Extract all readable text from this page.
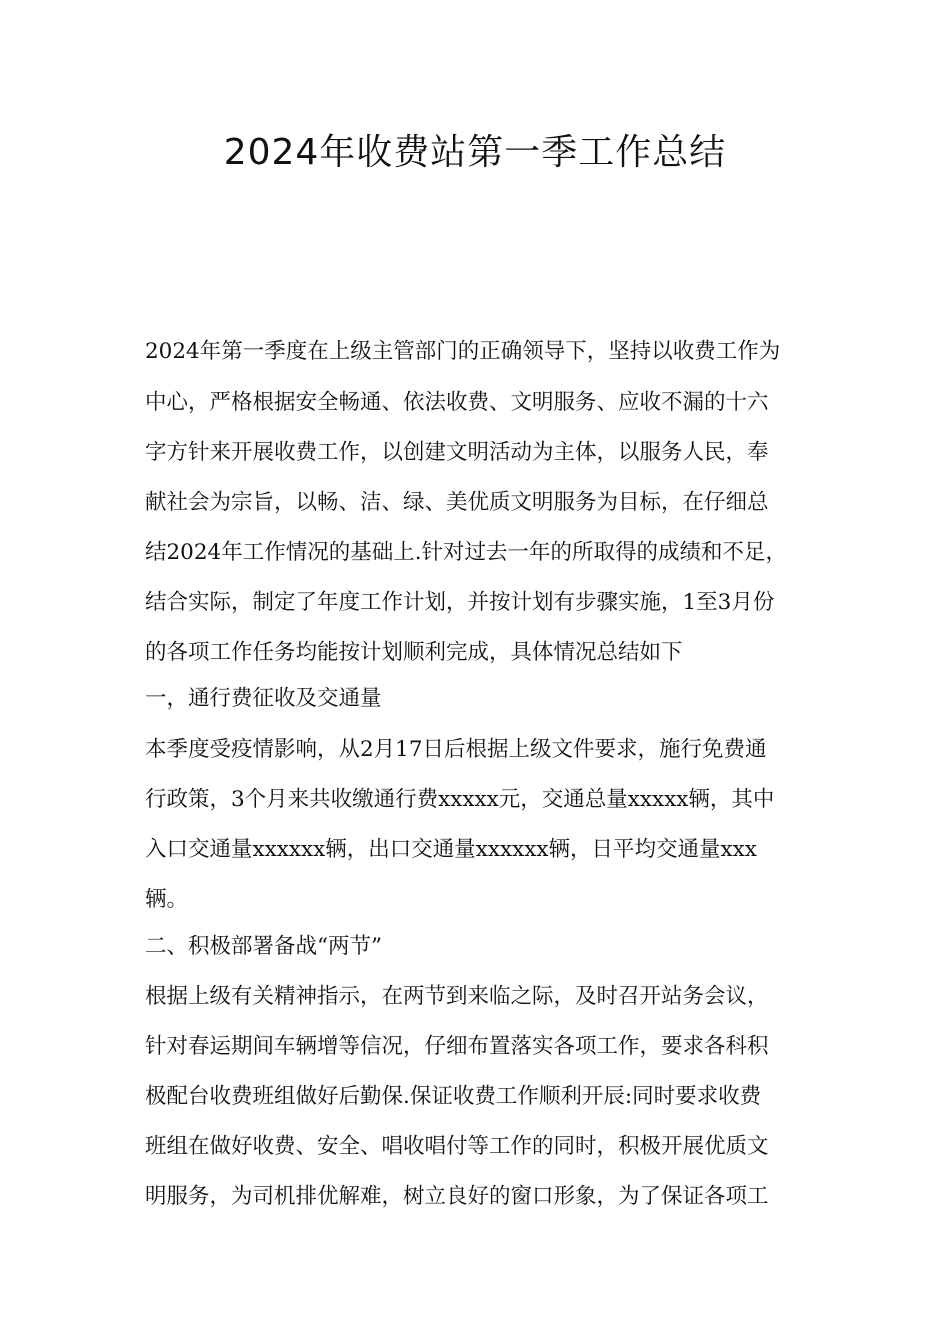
2024年收费站第一季工作总结

2024年第一季度在上级主管部门的正确领导下，坚持以收费工作为

中心，严格根据安全畅通、依法收费、文明服务、应收不漏的十六

字方针来开展收费工作，以创建文明活动为主体，以服务人民，奉

献社会为宗旨，以畅、洁、绿、美优质文明服务为目标，在仔细总

结2024年工作情况的基础上.针对过去一年的所取得的成绩和不足，

结合实际，制定了年度工作计划，并按计划有步骤实施，1至3月份

的各项工作任务均能按计划顺利完成，具体情况总结如下

一，通行费征收及交通量

本季度受疫情影响，从2月17日后根据上级文件要求，施行免费通

行政策，3个月来共收缴通行费xxxxx元，交通总量xxxxx辆，其中

入口交通量xxxxxx辆，出口交通量xxxxxx辆，日平均交通量xxx

辆。

二、积极部署备战“两节”

根据上级有关精神指示，在两节到来临之际，及时召开站务会议，

针对春运期间车辆增等信况，仔细布置落实各项工作，要求各科积

极配台收费班组做好后勤保.保证收费工作顺利开辰:同时要求收费

班组在做好收费、安全、唱收唱付等工作的同时，积极开展优质文

明服务，为司机排优解难，树立良好的窗口形象，为了保证各项工
